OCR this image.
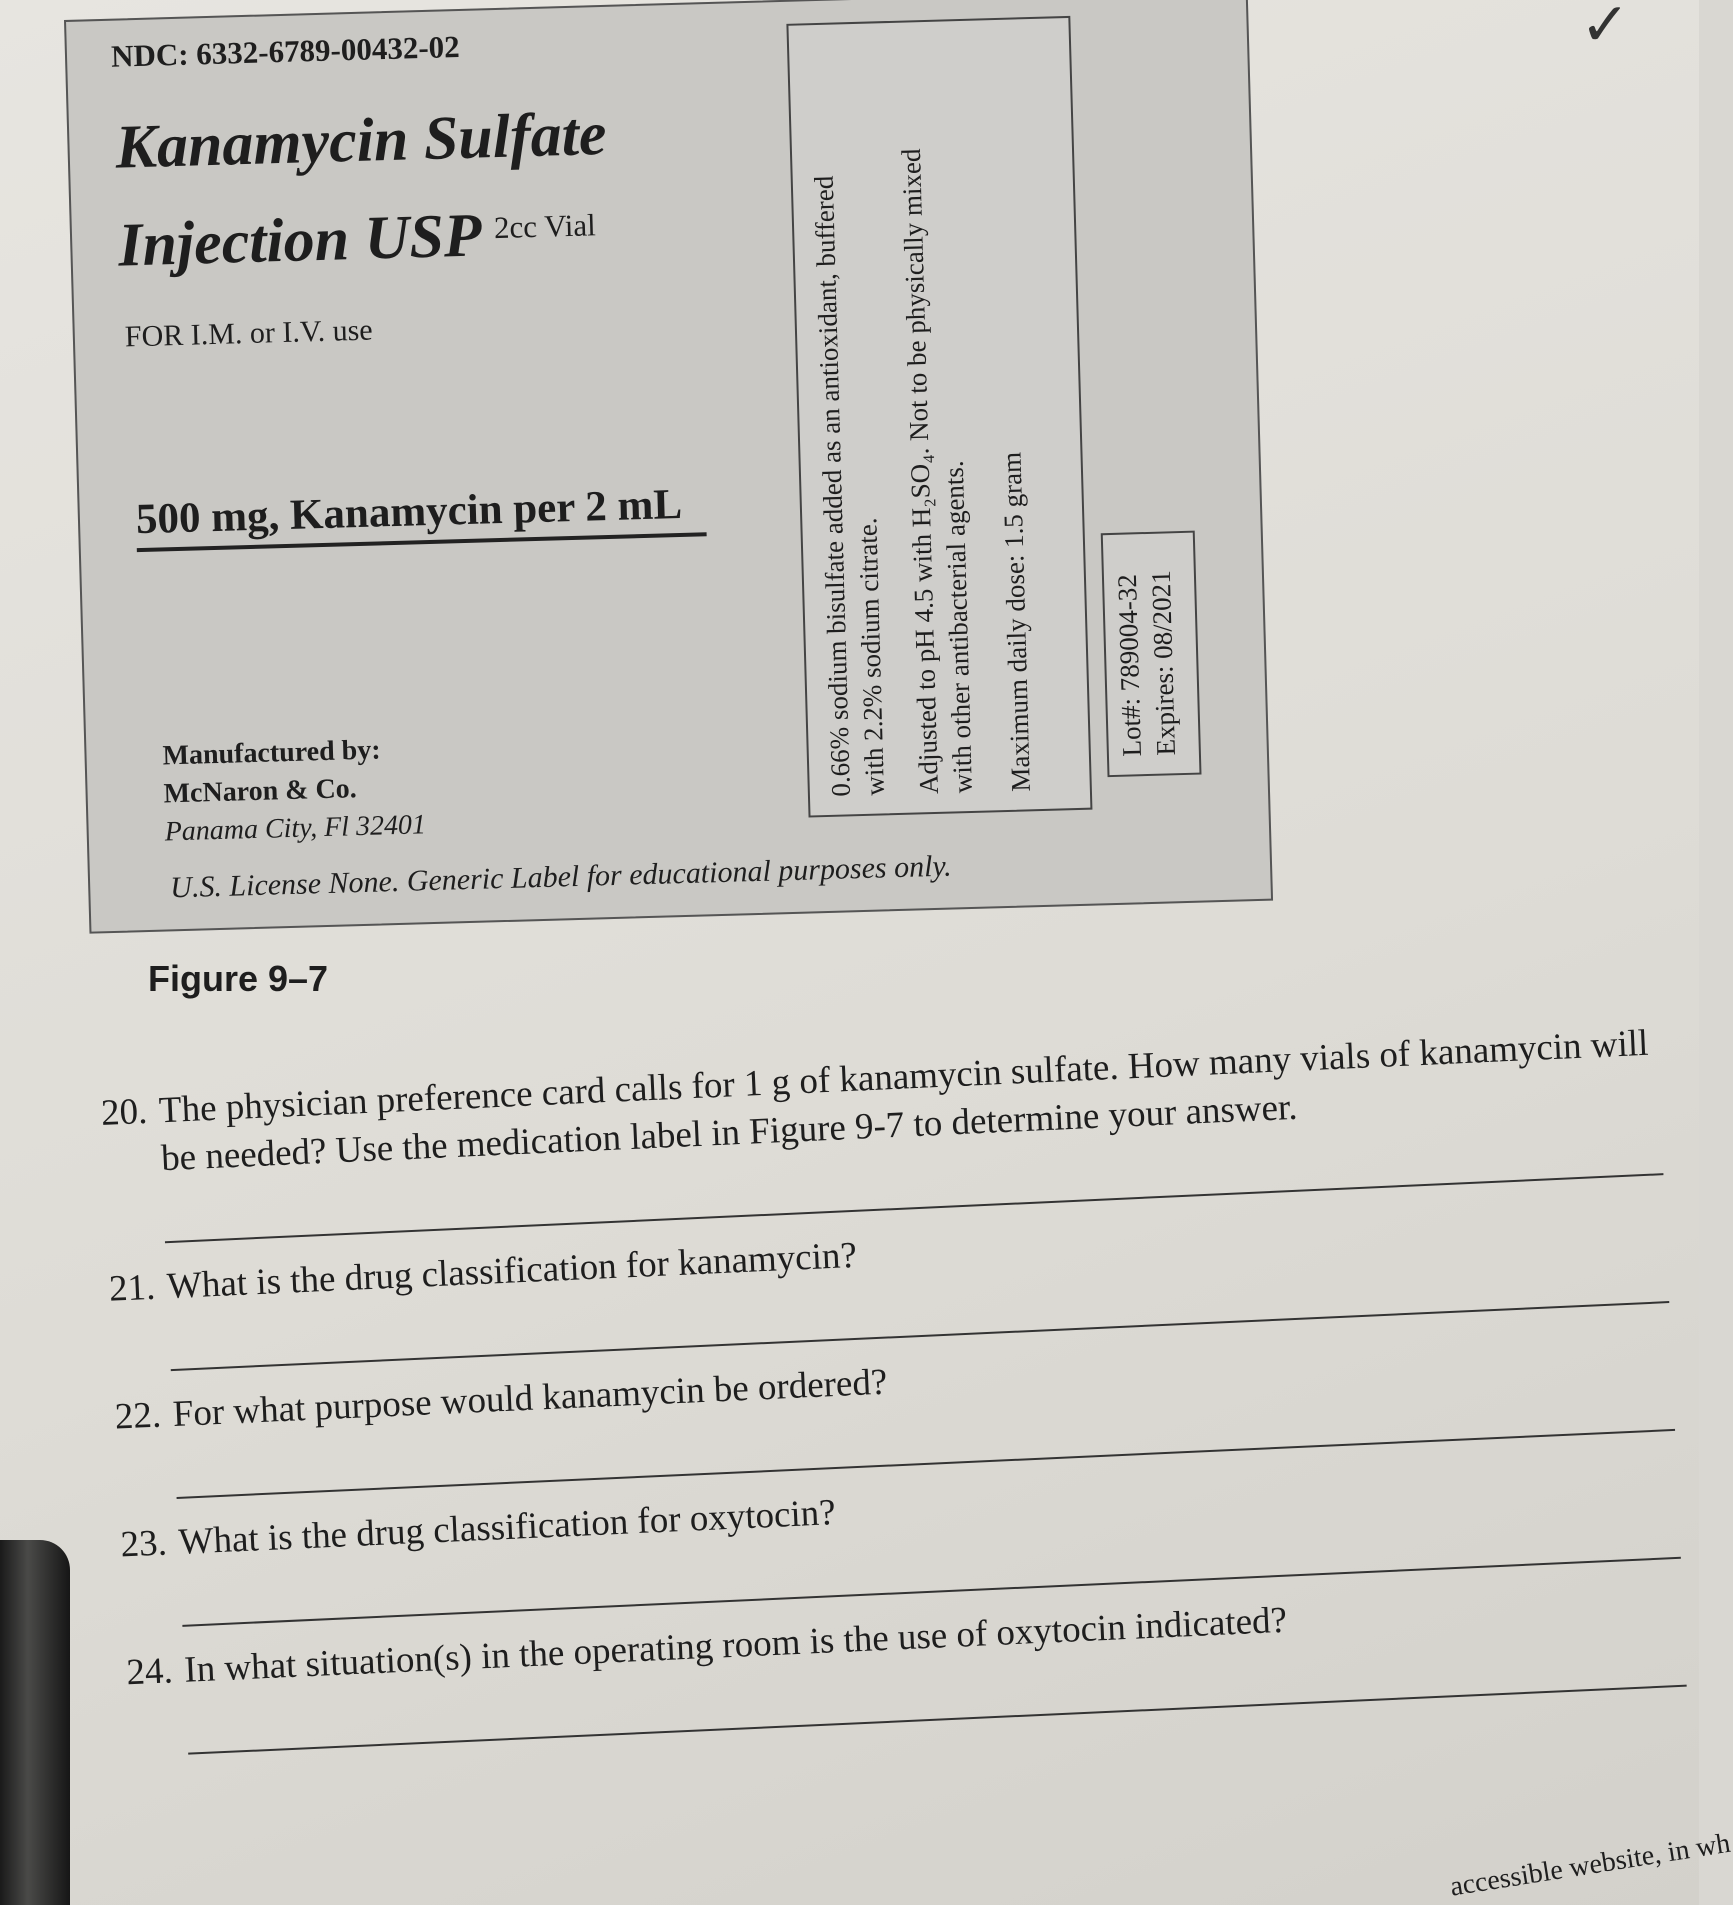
✓
NDC: 6332-6789-00432-02
Kanamycin Sulfate
Injection USP 2cc Vial
FOR I.M. or I.V. use
500 mg, Kanamycin per 2 mL
Manufactured by:
McNaron & Co.
Panama City, Fl 32401
U.S. License None. Generic Label for educational purposes only.
0.66% sodium bisulfate added as an antioxidant, buffered
with 2.2% sodium citrate. Adjusted to pH 4.5 with H₂SO₄. Not to be physically mixed
with other antibacterial agents. Maximum daily dose: 1.5 gram	Lot#: 789004-32
Expires: 08/2021
Figure 9–7
20. The physician preference card calls for 1 g of kanamycin sulfate. How many vials of kanamycin will be needed? Use the medication label in Figure 9-7 to determine your answer.
21. What is the drug classification for kanamycin?
22. For what purpose would kanamycin be ordered?
23. What is the drug classification for oxytocin?
24. In what situation(s) in the operating room is the use of oxytocin indicated?
accessible website, in wh
